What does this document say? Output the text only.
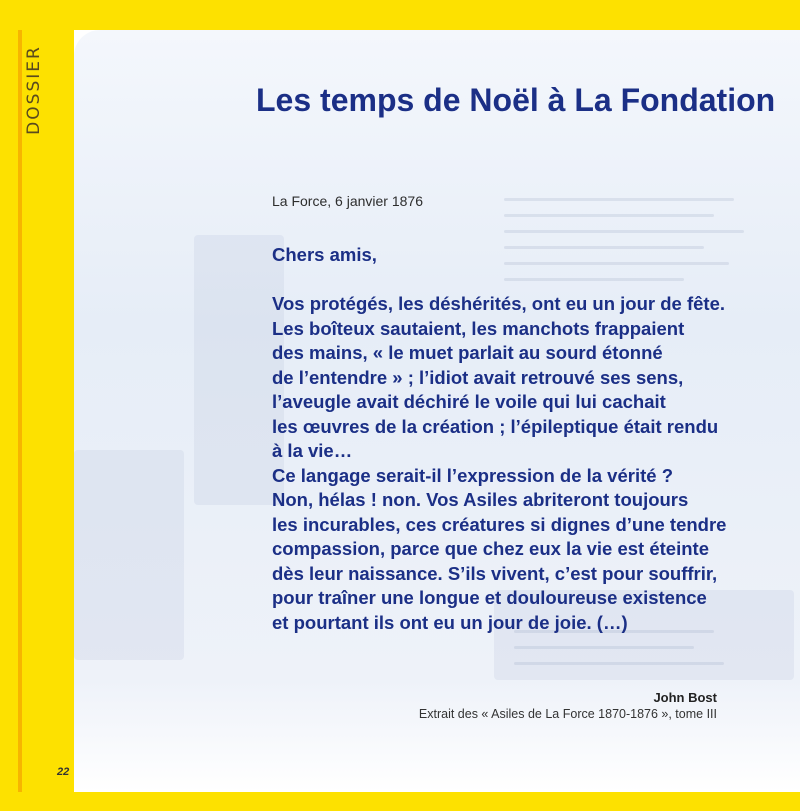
DOSSIER	Les temps de Noël à La Fondation
La Force, 6 janvier 1876
Chers amis,
Vos protégés, les déshérités, ont eu un jour de fête.
Les boîteux sautaient, les manchots frappaient
des mains, « le muet parlait au sourd étonné
de l’entendre » ; l’idiot avait retrouvé ses sens,
l’aveugle avait déchiré le voile qui lui cachait
les œuvres de la création ; l’épileptique était rendu
à la vie…
Ce langage serait-il l’expression de la vérité ?
Non, hélas ! non. Vos Asiles abriteront toujours
les incurables, ces créatures si dignes d’une tendre
compassion, parce que chez eux la vie est éteinte
dès leur naissance. S’ils vivent, c’est pour souffrir,
pour traîner une longue et douloureuse existence
et pourtant ils ont eu un jour de joie. (…)
John Bost
Extrait des « Asiles de La Force 1870-1876 », tome III
22
